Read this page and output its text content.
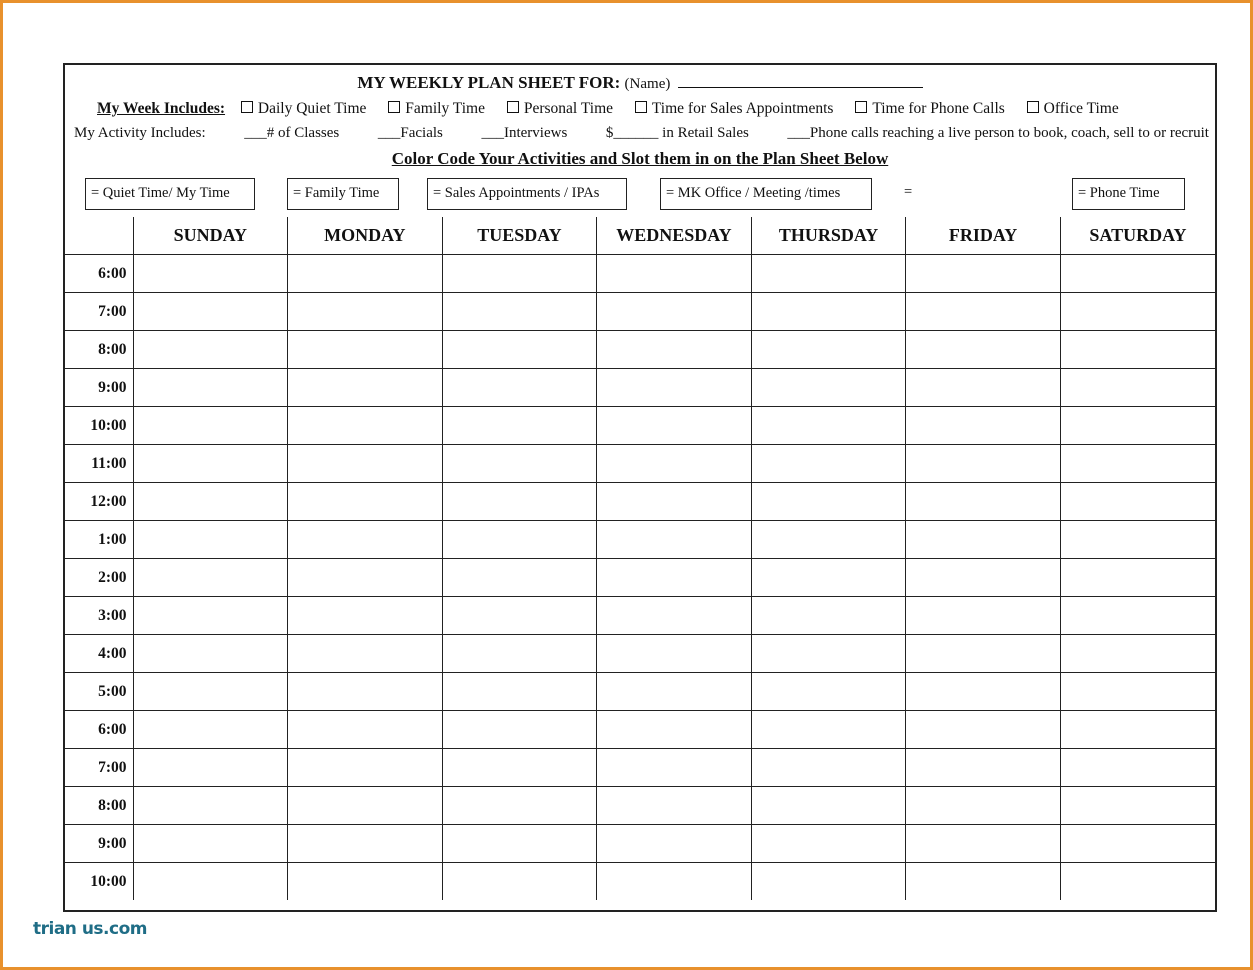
MY WEEKLY PLAN SHEET FOR: (Name)
My Week Includes: Daily Quiet Time	Family Time	Personal Time	Time for Sales Appointments	Time for Phone Calls	Office Time
My Activity Includes:	___# of Classes	___Facials	___Interviews	$______ in Retail Sales	___Phone calls reaching a live person to book, coach, sell to or recruit
Color Code Your Activities and Slot them in on the Plan Sheet Below
= Quiet Time/ My Time	= Family Time	= Sales Appointments / IPAs	= MK Office / Meeting /times	=	= Phone Time
	SUNDAY	MONDAY	TUESDAY	WEDNESDAY	THURSDAY	FRIDAY	SATURDAY
6:00							
7:00							
8:00							
9:00							
10:00							
11:00							
12:00							
1:00							
2:00							
3:00							
4:00							
5:00							
6:00							
7:00							
8:00							
9:00							
10:00							
trian us.com
